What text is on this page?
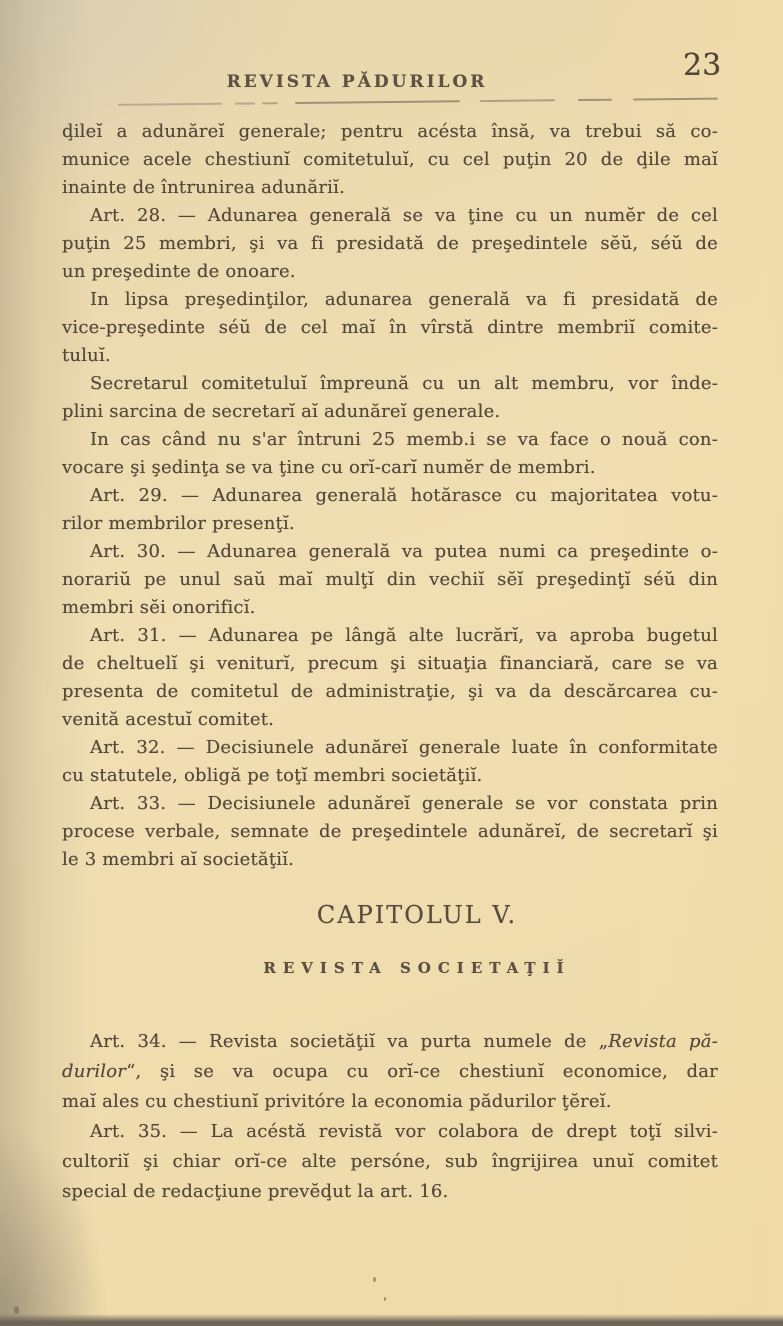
REVISTA PĂDURILOR	23
ḑileĭ a adunăreĭ generale; pentru acésta însă, va trebui să co-
munice acele chestiunĭ comitetuluĭ, cu cel puţin 20 de ḑile maĭ
inainte de întrunirea adunăriĭ.
Art. 28. — Adunarea generală se va ţine cu un numĕr de cel
puţin 25 membri, şi va fi presidată de preşedintele sĕŭ, séŭ de
un preşedinte de onoare.
In lipsa preşedinţilor, adunarea generală va fi presidată de
vice-preşedinte séŭ de cel maĭ în vîrstă dintre membriĭ comite-
tuluĭ.
Secretarul comitetuluĭ împreună cu un alt membru, vor înde-
plini sarcina de secretarĭ aĭ adunăreĭ generale.
In cas când nu s'ar întruni 25 memb.i se va face o nouă con-
vocare şi şedinţa se va ţine cu orĭ-carĭ numĕr de membri.
Art. 29. — Adunarea generală hotărasce cu majoritatea votu-
rilor membrilor presenţĭ.
Art. 30. — Adunarea generală va putea numi ca preşedinte o-
norariŭ pe unul saŭ maĭ mulţĭ din vechiĭ sĕĭ preşedinţĭ séŭ din
membri sĕi onorificĭ.
Art. 31. — Adunarea pe lângă alte lucrărĭ, va aproba bugetul
de cheltuelĭ şi veniturĭ, precum şi situaţia financiară, care se va
presenta de comitetul de administraţie, şi va da descărcarea cu-
venită acestuĭ comitet.
Art. 32. — Decisiunele adunăreĭ generale luate în conformitate
cu statutele, obligă pe toţĭ membri societăţiĭ.
Art. 33. — Decisiunele adunăreĭ generale se vor constata prin
procese verbale, semnate de preşedintele adunăreĭ, de secretarĭ şi
le 3 membri aĭ societăţiĭ.
CAPITOLUL V.
REVISTA SOCIETAŢIĬ
Art. 34. — Revista societăţiĭ va purta numele de „Revista pă-
durilor“, şi se va ocupa cu orĭ-ce chestiunĭ economice, dar
maĭ ales cu chestiunĭ privitóre la economia pădurilor ţĕreĭ.
Art. 35. — La acéstă revistă vor colabora de drept toţĭ silvi-
cultoriĭ şi chiar orĭ-ce alte persóne, sub îngrijirea unuĭ comitet
special de redacţiune prevĕḑut la art. 16.
